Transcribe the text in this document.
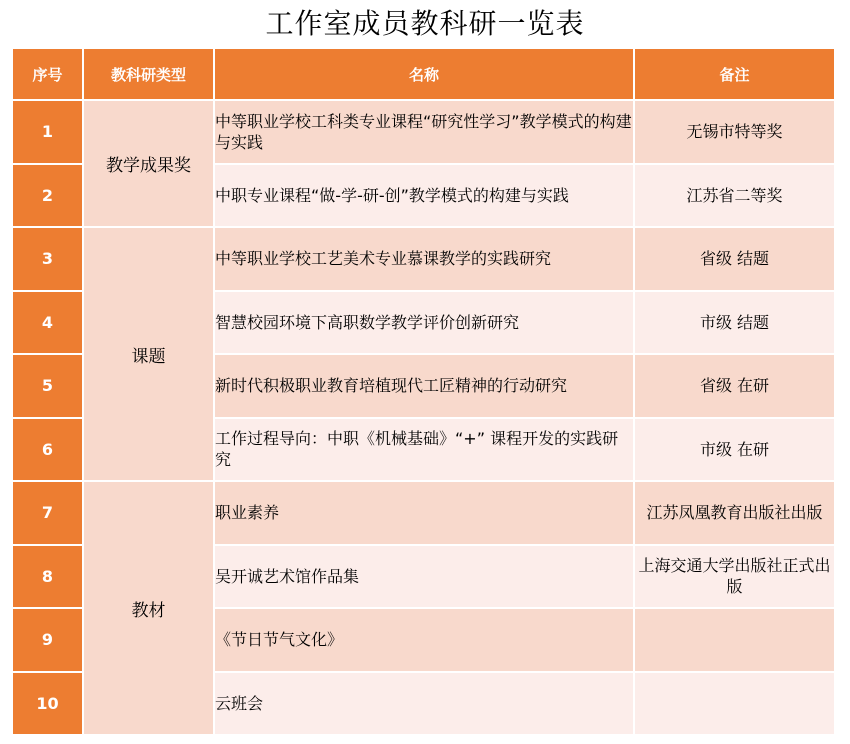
工作室成员教科研一览表
序号	教科研类型	名称	备注
1	教学成果奖	中等职业学校工科类专业课程“研究性学习”教学模式的构建与实践	无锡市特等奖
2		中职专业课程“做-学-研-创”教学模式的构建与实践	江苏省二等奖
3	课题	中等职业学校工艺美术专业慕课教学的实践研究	省级 结题
4		智慧校园环境下高职数学教学评价创新研究	市级 结题
5		新时代积极职业教育培植现代工匠精神的行动研究	省级 在研
6		工作过程导向：中职《机械基础》“+” 课程开发的实践研究	市级 在研
7	教材	职业素养	江苏凤凰教育出版社出版
8		吴开诚艺术馆作品集	上海交通大学出版社正式出版
9		《节日节气文化》	
10		云班会	
